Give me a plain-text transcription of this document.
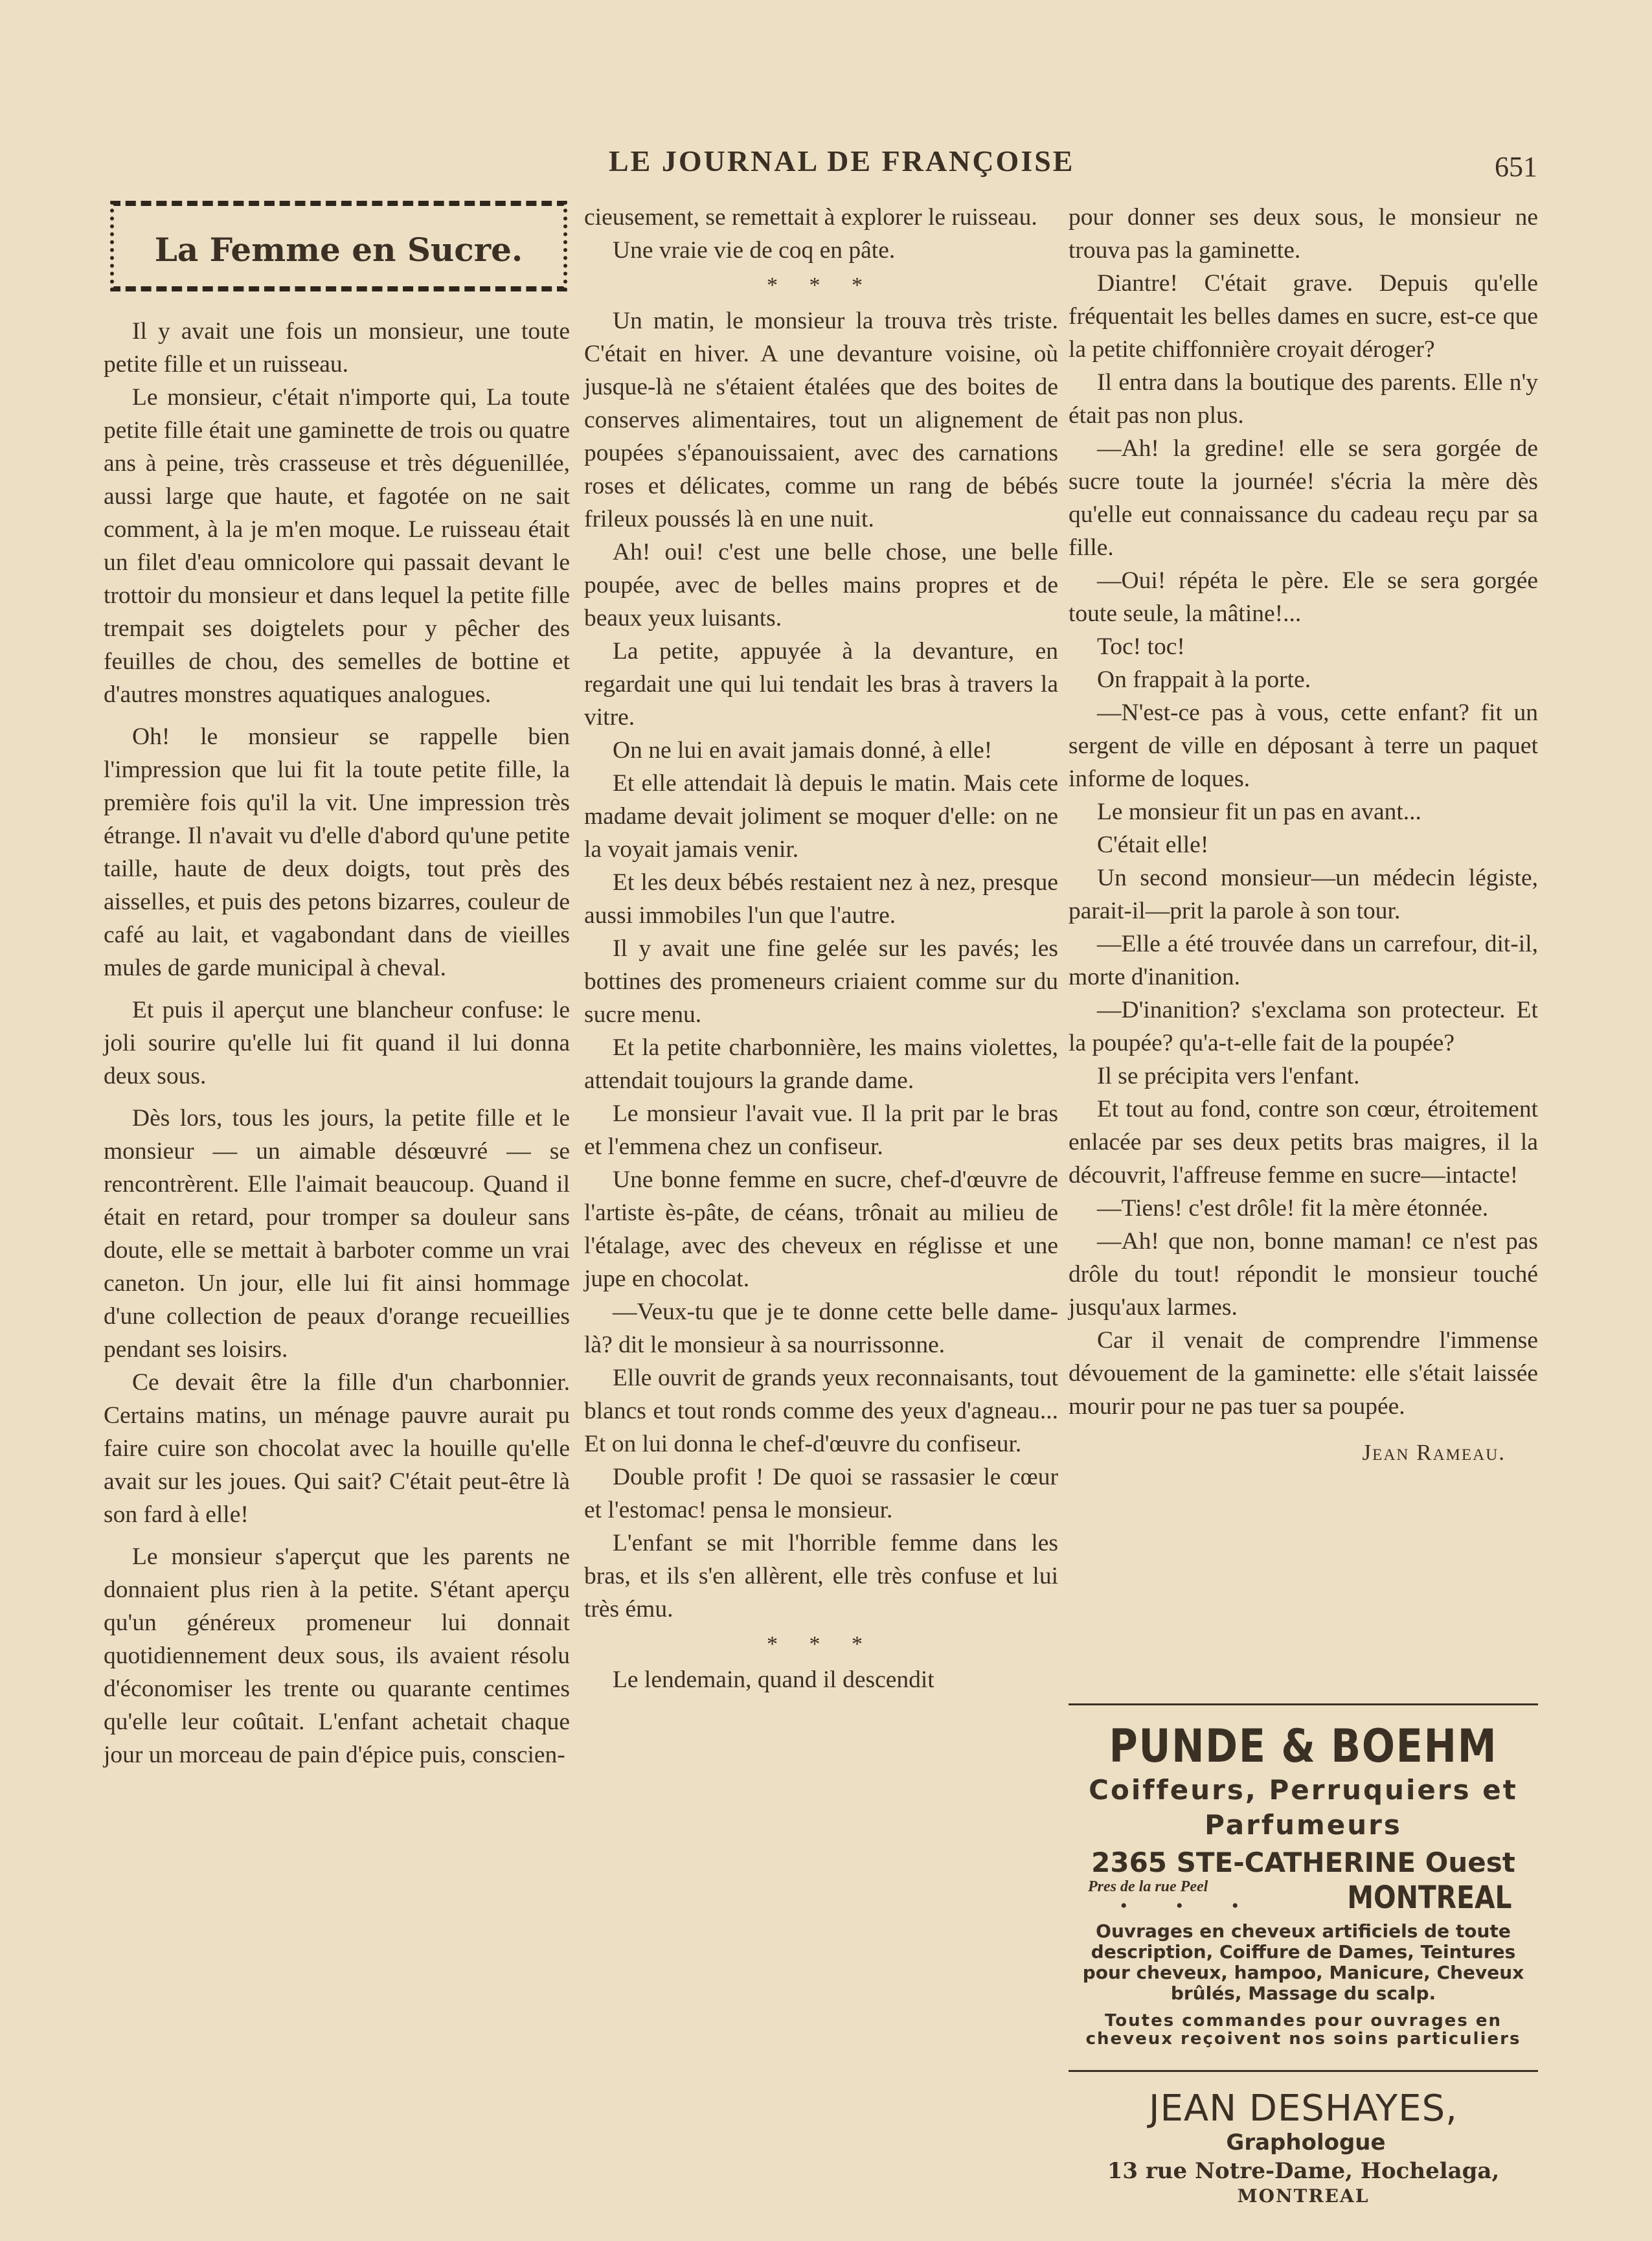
LE JOURNAL DE FRANÇOISE	651
La Femme en Sucre.

Il y avait une fois un monsieur, une toute petite fille et un ruisseau.

Le monsieur, c'était n'importe qui, La toute petite fille était une gaminette de trois ou quatre ans à peine, très crasseuse et très déguenillée, aussi large que haute, et fagotée on ne sait comment, à la je m'en moque. Le ruisseau était un filet d'eau omnicolore qui passait devant le trottoir du monsieur et dans lequel la petite fille trempait ses doigtelets pour y pêcher des feuilles de chou, des semelles de bottine et d'autres monstres aquatiques analogues.

Oh! le monsieur se rappelle bien l'impression que lui fit la toute petite fille, la première fois qu'il la vit. Une impression très étrange. Il n'avait vu d'elle d'abord qu'une petite taille, haute de deux doigts, tout près des aisselles, et puis des petons bizarres, couleur de café au lait, et vagabondant dans de vieilles mules de garde municipal à cheval.

Et puis il aperçut une blancheur confuse: le joli sourire qu'elle lui fit quand il lui donna deux sous.

Dès lors, tous les jours, la petite fille et le monsieur — un aimable désœuvré — se rencontrèrent. Elle l'aimait beaucoup. Quand il était en retard, pour tromper sa douleur sans doute, elle se mettait à barboter comme un vrai caneton. Un jour, elle lui fit ainsi hommage d'une collection de peaux d'orange recueillies pendant ses loisirs.

Ce devait être la fille d'un charbonnier. Certains matins, un ménage pauvre aurait pu faire cuire son chocolat avec la houille qu'elle avait sur les joues. Qui sait? C'était peut-être là son fard à elle!

Le monsieur s'aperçut que les parents ne donnaient plus rien à la petite. S'étant aperçu qu'un généreux promeneur lui donnait quotidiennement deux sous, ils avaient résolu d'économiser les trente ou quarante centimes qu'elle leur coûtait. L'enfant achetait chaque jour un morceau de pain d'épice puis, conscien-

cieusement, se remettait à explorer le ruisseau.

Une vraie vie de coq en pâte.

* * *

Un matin, le monsieur la trouva très triste. C'était en hiver. A une devanture voisine, où jusque-là ne s'étaient étalées que des boites de conserves alimentaires, tout un alignement de poupées s'épanouissaient, avec des carnations roses et délicates, comme un rang de bébés frileux poussés là en une nuit.

Ah! oui! c'est une belle chose, une belle poupée, avec de belles mains propres et de beaux yeux luisants.

La petite, appuyée à la devanture, en regardait une qui lui tendait les bras à travers la vitre.

On ne lui en avait jamais donné, à elle!

Et elle attendait là depuis le matin. Mais cete madame devait joliment se moquer d'elle: on ne la voyait jamais venir.

Et les deux bébés restaient nez à nez, presque aussi immobiles l'un que l'autre.

Il y avait une fine gelée sur les pavés; les bottines des promeneurs criaient comme sur du sucre menu.

Et la petite charbonnière, les mains violettes, attendait toujours la grande dame.

Le monsieur l'avait vue. Il la prit par le bras et l'emmena chez un confiseur.

Une bonne femme en sucre, chef-d'œuvre de l'artiste ès-pâte, de céans, trônait au milieu de l'étalage, avec des cheveux en réglisse et une jupe en chocolat.

—Veux-tu que je te donne cette belle dame-là? dit le monsieur à sa nourrissonne.

Elle ouvrit de grands yeux reconnaisants, tout blancs et tout ronds comme des yeux d'agneau... Et on lui donna le chef-d'œuvre du confiseur.

Double profit ! De quoi se rassasier le cœur et l'estomac! pensa le monsieur.

L'enfant se mit l'horrible femme dans les bras, et ils s'en allèrent, elle très confuse et lui très ému.

* * *

Le lendemain, quand il descendit

pour donner ses deux sous, le monsieur ne trouva pas la gaminette.

Diantre! C'était grave. Depuis qu'elle fréquentait les belles dames en sucre, est-ce que la petite chiffonnière croyait déroger?

Il entra dans la boutique des parents. Elle n'y était pas non plus.

—Ah! la gredine! elle se sera gorgée de sucre toute la journée! s'écria la mère dès qu'elle eut connaissance du cadeau reçu par sa fille.

—Oui! répéta le père. Ele se sera gorgée toute seule, la mâtine!...

Toc! toc!

On frappait à la porte.

—N'est-ce pas à vous, cette enfant? fit un sergent de ville en déposant à terre un paquet informe de loques.

Le monsieur fit un pas en avant...

C'était elle!

Un second monsieur—un médecin légiste, parait-il—prit la parole à son tour.

—Elle a été trouvée dans un carrefour, dit-il, morte d'inanition.

—D'inanition? s'exclama son protecteur. Et la poupée? qu'a-t-elle fait de la poupée?

Il se précipita vers l'enfant.

Et tout au fond, contre son cœur, étroitement enlacée par ses deux petits bras maigres, il la découvrit, l'affreuse femme en sucre—intacte!

—Tiens! c'est drôle! fit la mère étonnée.

—Ah! que non, bonne maman! ce n'est pas drôle du tout! répondit le monsieur touché jusqu'aux larmes.

Car il venait de comprendre l'immense dévouement de la gaminette: elle s'était laissée mourir pour ne pas tuer sa poupée.

Jean Rameau.
PUNDE & BOEHM
Coiffeurs, Perruquiers et Parfumeurs
2365 STE-CATHERINE Ouest
Pres de la rue Peel
• • •	MONTREAL
Ouvrages en cheveux artificiels de toute description, Coiffure de Dames, Teintures pour cheveux, hampoo, Manicure, Cheveux brûlés, Massage du scalp.
Toutes commandes pour ouvrages en cheveux reçoivent nos soins particuliers
JEAN DESHAYES, Graphologue
13 rue Notre-Dame, Hochelaga,
MONTREAL
